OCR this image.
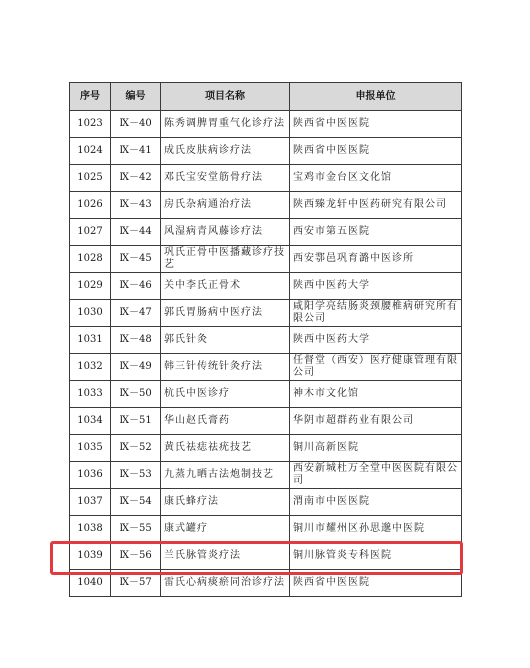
序号	编号	项目名称	申报单位
1023	Ⅸ－40	陈秀调脾胃重气化诊疗法	陕西省中医医院
1024	Ⅸ－41	成氏皮肤病诊疗法	陕西省中医医院
1025	Ⅸ－42	邓氏宝安堂筋骨疗法	宝鸡市金台区文化馆
1026	Ⅸ－43	房氏杂病通治疗法	陕西臻龙轩中医药研究有限公司
1027	Ⅸ－44	风湿病青风藤诊疗法	西安市第五医院
1028	Ⅸ－45	巩氏正骨中医播藏诊疗技艺	西安鄠邑巩育潞中医诊所
1029	Ⅸ－46	关中李氏正骨术	陕西中医药大学
1030	Ⅸ－47	郭氏胃肠病中医疗法	咸阳学亮结肠炎颈腰椎病研究所有限公司
1031	Ⅸ－48	郭氏针灸	陕西中医药大学
1032	Ⅸ－49	韩三针传统针灸疗法	任督堂（西安）医疗健康管理有限公司
1033	Ⅸ－50	杭氏中医诊疗	神木市文化馆
1034	Ⅸ－51	华山赵氏膏药	华阴市超群药业有限公司
1035	Ⅸ－52	黄氏祛痣祛疣技艺	铜川高新医院
1036	Ⅸ－53	九蒸九晒古法炮制技艺	西安新城杜万全堂中医医院有限公司
1037	Ⅸ－54	康氏蜂疗法	渭南市中医医院
1038	Ⅸ－55	康式罐疗	铜川市耀州区孙思邈中医院
1039	Ⅸ－56	兰氏脉管炎疗法	铜川脉管炎专科医院
1040	Ⅸ－57	雷氏心病痰瘀同治诊疗法	陕西省中医医院
